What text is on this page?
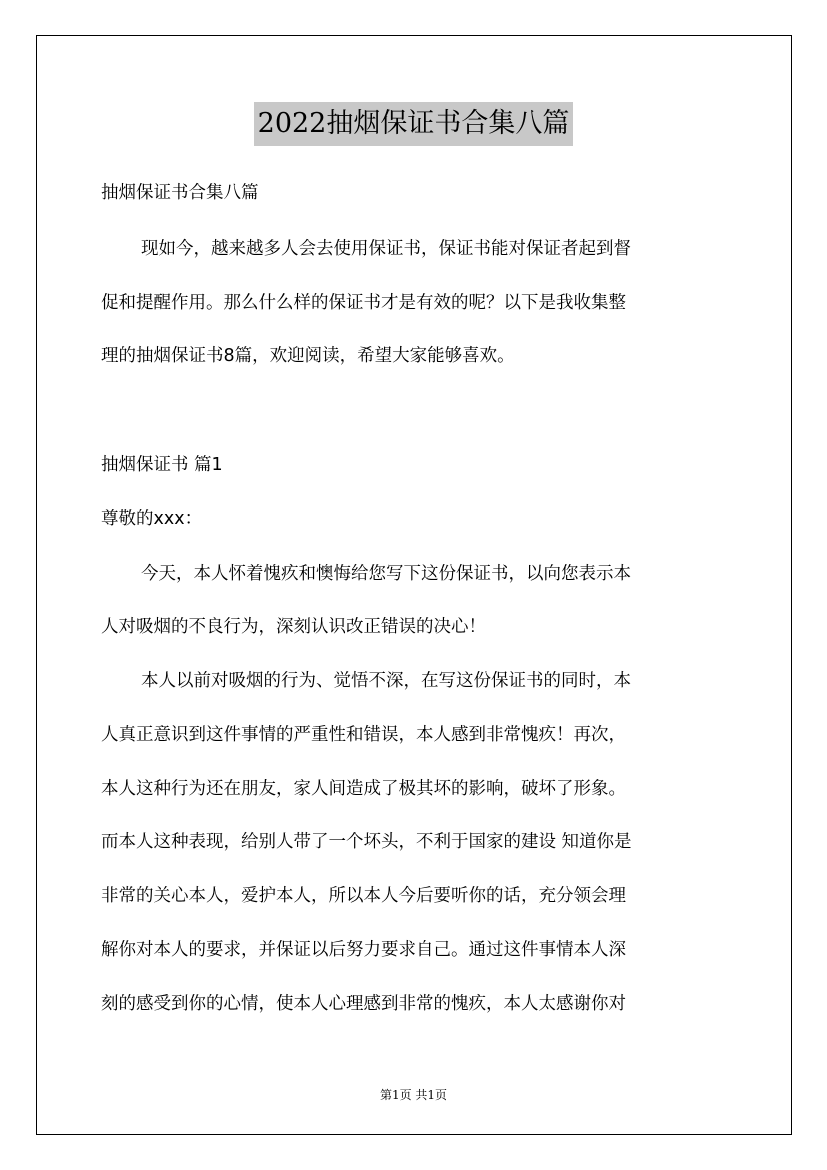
2022抽烟保证书合集八篇
抽烟保证书合集八篇
现如今，越来越多人会去使用保证书，保证书能对保证者起到督
促和提醒作用。那么什么样的保证书才是有效的呢？以下是我收集整
理的抽烟保证书8篇，欢迎阅读，希望大家能够喜欢。
抽烟保证书 篇1
尊敬的xxx：
今天，本人怀着愧疚和懊悔给您写下这份保证书，以向您表示本
人对吸烟的不良行为，深刻认识改正错误的决心！
本人以前对吸烟的行为、觉悟不深，在写这份保证书的同时，本
人真正意识到这件事情的严重性和错误，本人感到非常愧疚！再次，
本人这种行为还在朋友，家人间造成了极其坏的影响，破坏了形象。
而本人这种表现，给别人带了一个坏头，不利于国家的建设 知道你是
非常的关心本人，爱护本人，所以本人今后要听你的话，充分领会理
解你对本人的要求，并保证以后努力要求自己。通过这件事情本人深
刻的感受到你的心情，使本人心理感到非常的愧疚，本人太感谢你对
第1页 共1页
